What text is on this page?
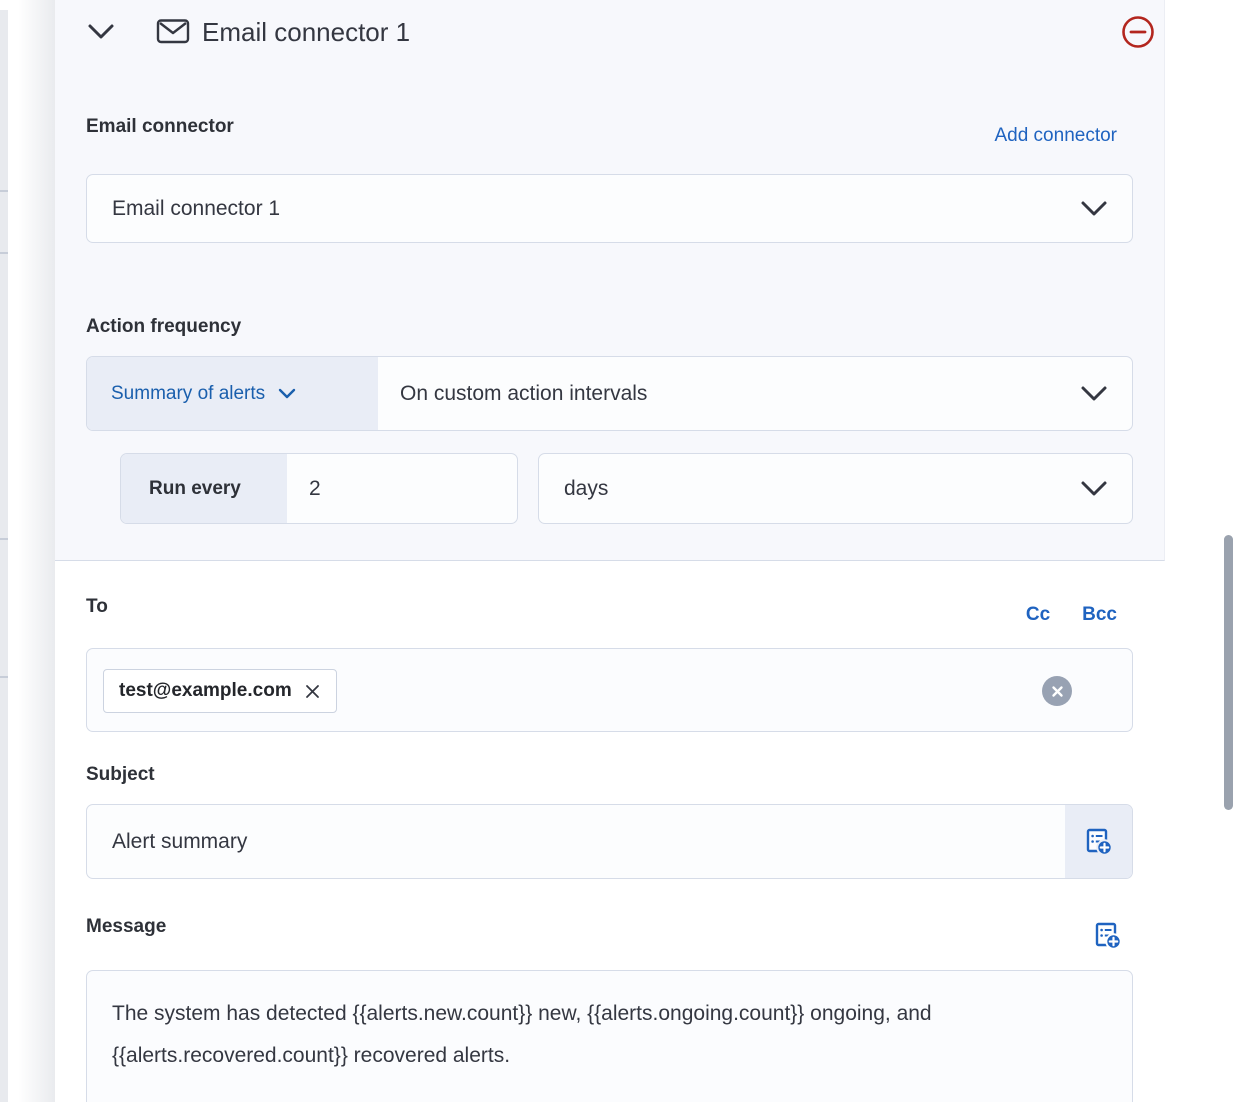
Email connector 1
Email connector	Add connector
Email connector 1
Action frequency
Summary of alerts	On custom action intervals
Run every
2	days
To	Cc Bcc
test@example.com
Subject
Alert summary
Message
The system has detected {{alerts.new.count}} new, {{alerts.ongoing.count}} ongoing, and {{alerts.recovered.count}} recovered alerts.
